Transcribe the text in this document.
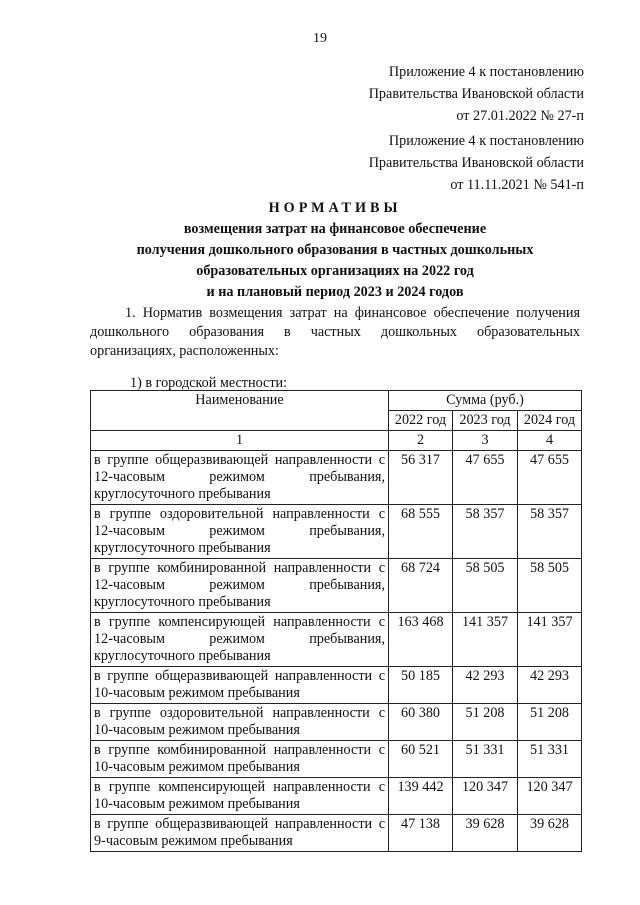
19
Приложение 4 к постановлению
Правительства Ивановской области
от 27.01.2022 № 27-п
Приложение 4 к постановлению
Правительства Ивановской области
от 11.11.2021 № 541-п
НОРМАТИВЫ
возмещения затрат на финансовое обеспечение
получения дошкольного образования в частных дошкольных
образовательных организациях на 2022 год
и на плановый период 2023 и 2024 годов
1. Норматив возмещения затрат на финансовое обеспечение получения дошкольного образования в частных дошкольных образовательных организациях, расположенных:
1) в городской местности:
Наименование	Сумма (руб.)		
	2022 год	2023 год	2024 год
1	2	3	4
в группе общеразвивающей направленности с 12-часовым режимом пребывания, круглосуточного пребывания	56 317	47 655	47 655
в группе оздоровительной направленности с 12-часовым режимом пребывания, круглосуточного пребывания	68 555	58 357	58 357
в группе комбинированной направленности с 12-часовым режимом пребывания, круглосуточного пребывания	68 724	58 505	58 505
в группе компенсирующей направленности с 12-часовым режимом пребывания, круглосуточного пребывания	163 468	141 357	141 357
в группе общеразвивающей направленности с 10-часовым режимом пребывания	50 185	42 293	42 293
в группе оздоровительной направленности с 10-часовым режимом пребывания	60 380	51 208	51 208
в группе комбинированной направленности с 10-часовым режимом пребывания	60 521	51 331	51 331
в группе компенсирующей направленности с 10-часовым режимом пребывания	139 442	120 347	120 347
в группе общеразвивающей направленности с 9-часовым режимом пребывания	47 138	39 628	39 628
